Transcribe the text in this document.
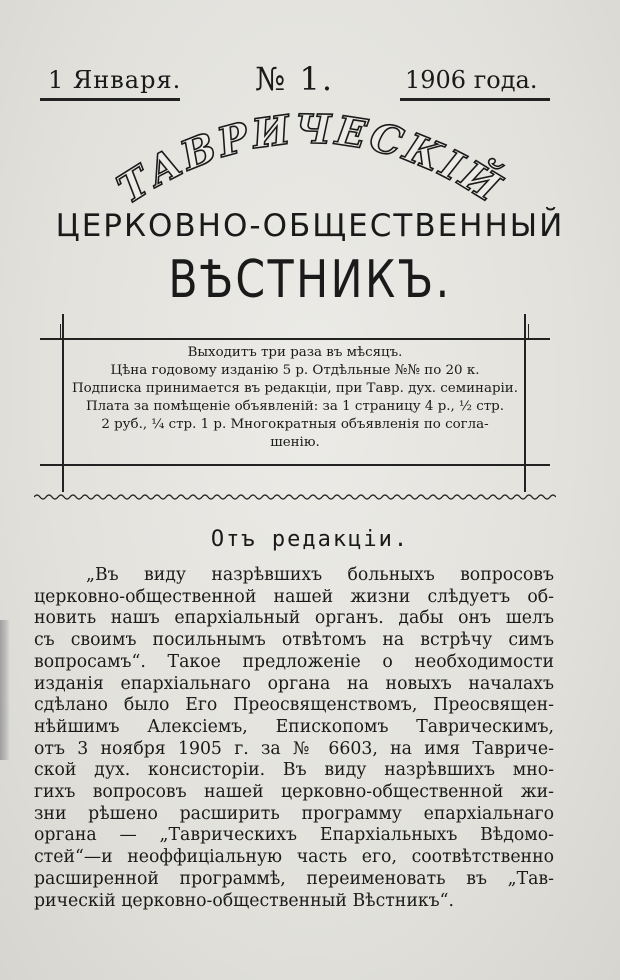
1 Января. № 1.	1906 года.
ТАВРИЧЕСКІЙ
ЦЕРКОВНО-ОБЩЕСТВЕННЫЙ
ВѢСТНИКЪ.
Выходитъ три раза въ мѣсяцъ.
Цѣна годовому изданію 5 р. Отдѣльные №№ по 20 к.
Подписка принимается въ редакціи, при Тавр. дух. семинаріи.
Плата за помѣщеніе объявленій: за 1 страницу 4 р., ½ стр.
2 руб., ¼ стр. 1 р. Многократныя объявленія по согла-
шенію.
Отъ редакціи.
„Въ виду назрѣвшихъ больныхъ вопросовъ
церковно-общественной нашей жизни слѣдуетъ об-
новить нашъ епархіальный органъ. дабы онъ шелъ
съ своимъ посильнымъ отвѣтомъ на встрѣчу симъ
вопросамъ“. Такое предложеніе о необходимости
изданія епархіальнаго органа на новыхъ началахъ
сдѣлано было Его Преосвященствомъ, Преосвящен-
нѣйшимъ Алексіемъ, Епископомъ Таврическимъ,
отъ 3 ноября 1905 г. за № 6603, на имя Тавриче-
ской дух. консисторіи. Въ виду назрѣвшихъ мно-
гихъ вопросовъ нашей церковно-общественной жи-
зни рѣшено расширить программу епархіальнаго
органа — „Таврическихъ Епархіальныхъ Вѣдомо-
стей“—и неоффиціальную часть его, соотвѣтственно
расширенной программѣ, переименовать въ „Тав-
рическій церковно-общественный Вѣстникъ“.
